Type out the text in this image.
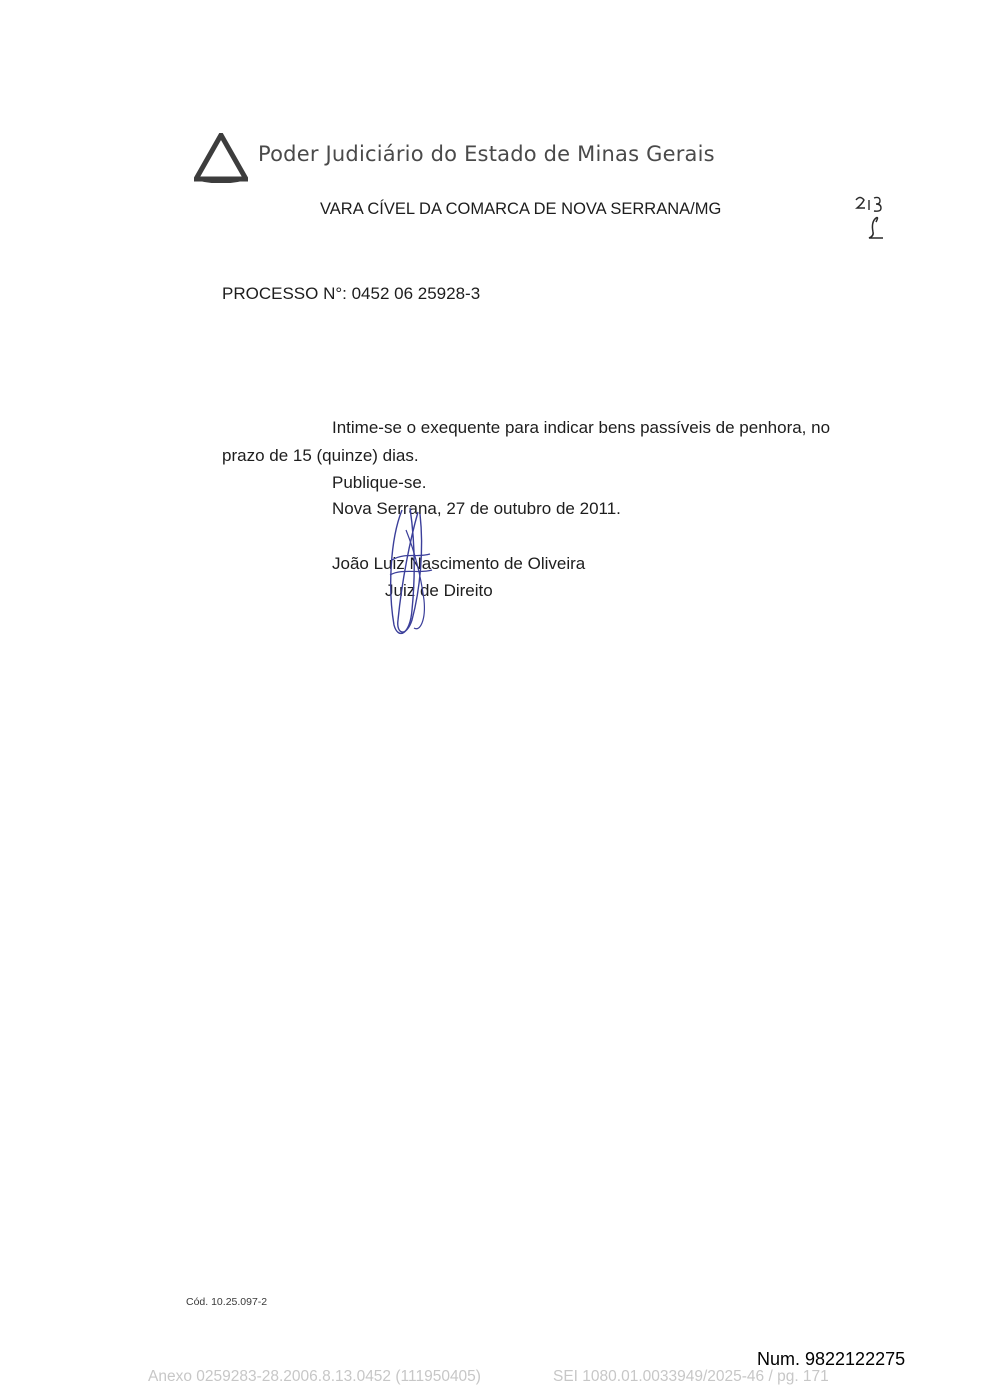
Poder Judiciário do Estado de Minas Gerais
VARA CÍVEL DA COMARCA DE NOVA SERRANA/MG
PROCESSO N°: 0452 06 25928-3
Intime-se o exequente para indicar bens passíveis de penhora, no
prazo de 15 (quinze) dias.
Publique-se.
Nova Serrana, 27 de outubro de 2011.
João Luiz Nascimento de Oliveira
Juiz de Direito
Cód. 10.25.097-2
Num. 9822122275
Anexo 0259283-28.2006.8.13.0452 (111950405)	SEI 1080.01.0033949/2025-46 / pg. 171
